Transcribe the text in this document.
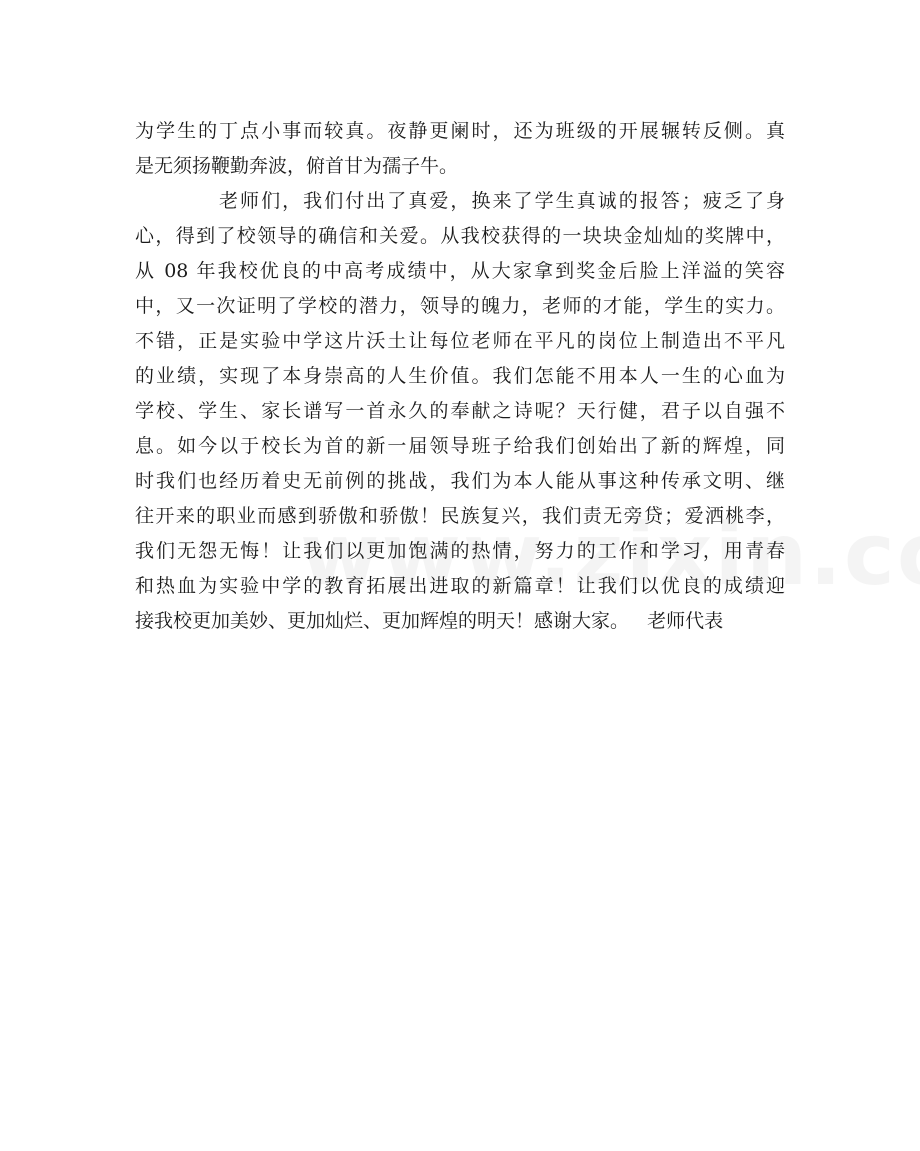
为学生的丁点小事而较真。夜静更阑时，还为班级的开展辗转反侧。真
是无须扬鞭勤奔波，俯首甘为孺子牛。
老师们，我们付出了真爱，换来了学生真诚的报答；疲乏了身
心，得到了校领导的确信和关爱。从我校获得的一块块金灿灿的奖牌中，
从 08 年我校优良的中高考成绩中，从大家拿到奖金后脸上洋溢的笑容
中，又一次证明了学校的潜力，领导的魄力，老师的才能，学生的实力。
不错，正是实验中学这片沃土让每位老师在平凡的岗位上制造出不平凡
的业绩，实现了本身崇高的人生价值。我们怎能不用本人一生的心血为
学校、学生、家长谱写一首永久的奉献之诗呢？天行健，君子以自强不
息。如今以于校长为首的新一届领导班子给我们创始出了新的辉煌，同
时我们也经历着史无前例的挑战，我们为本人能从事这种传承文明、继
往开来的职业而感到骄傲和骄傲！民族复兴，我们责无旁贷；爱洒桃李，
我们无怨无悔！让我们以更加饱满的热情，努力的工作和学习，用青春
和热血为实验中学的教育拓展出进取的新篇章！让我们以优良的成绩迎
接我校更加美妙、更加灿烂、更加辉煌的明天！感谢大家。   老师代表
